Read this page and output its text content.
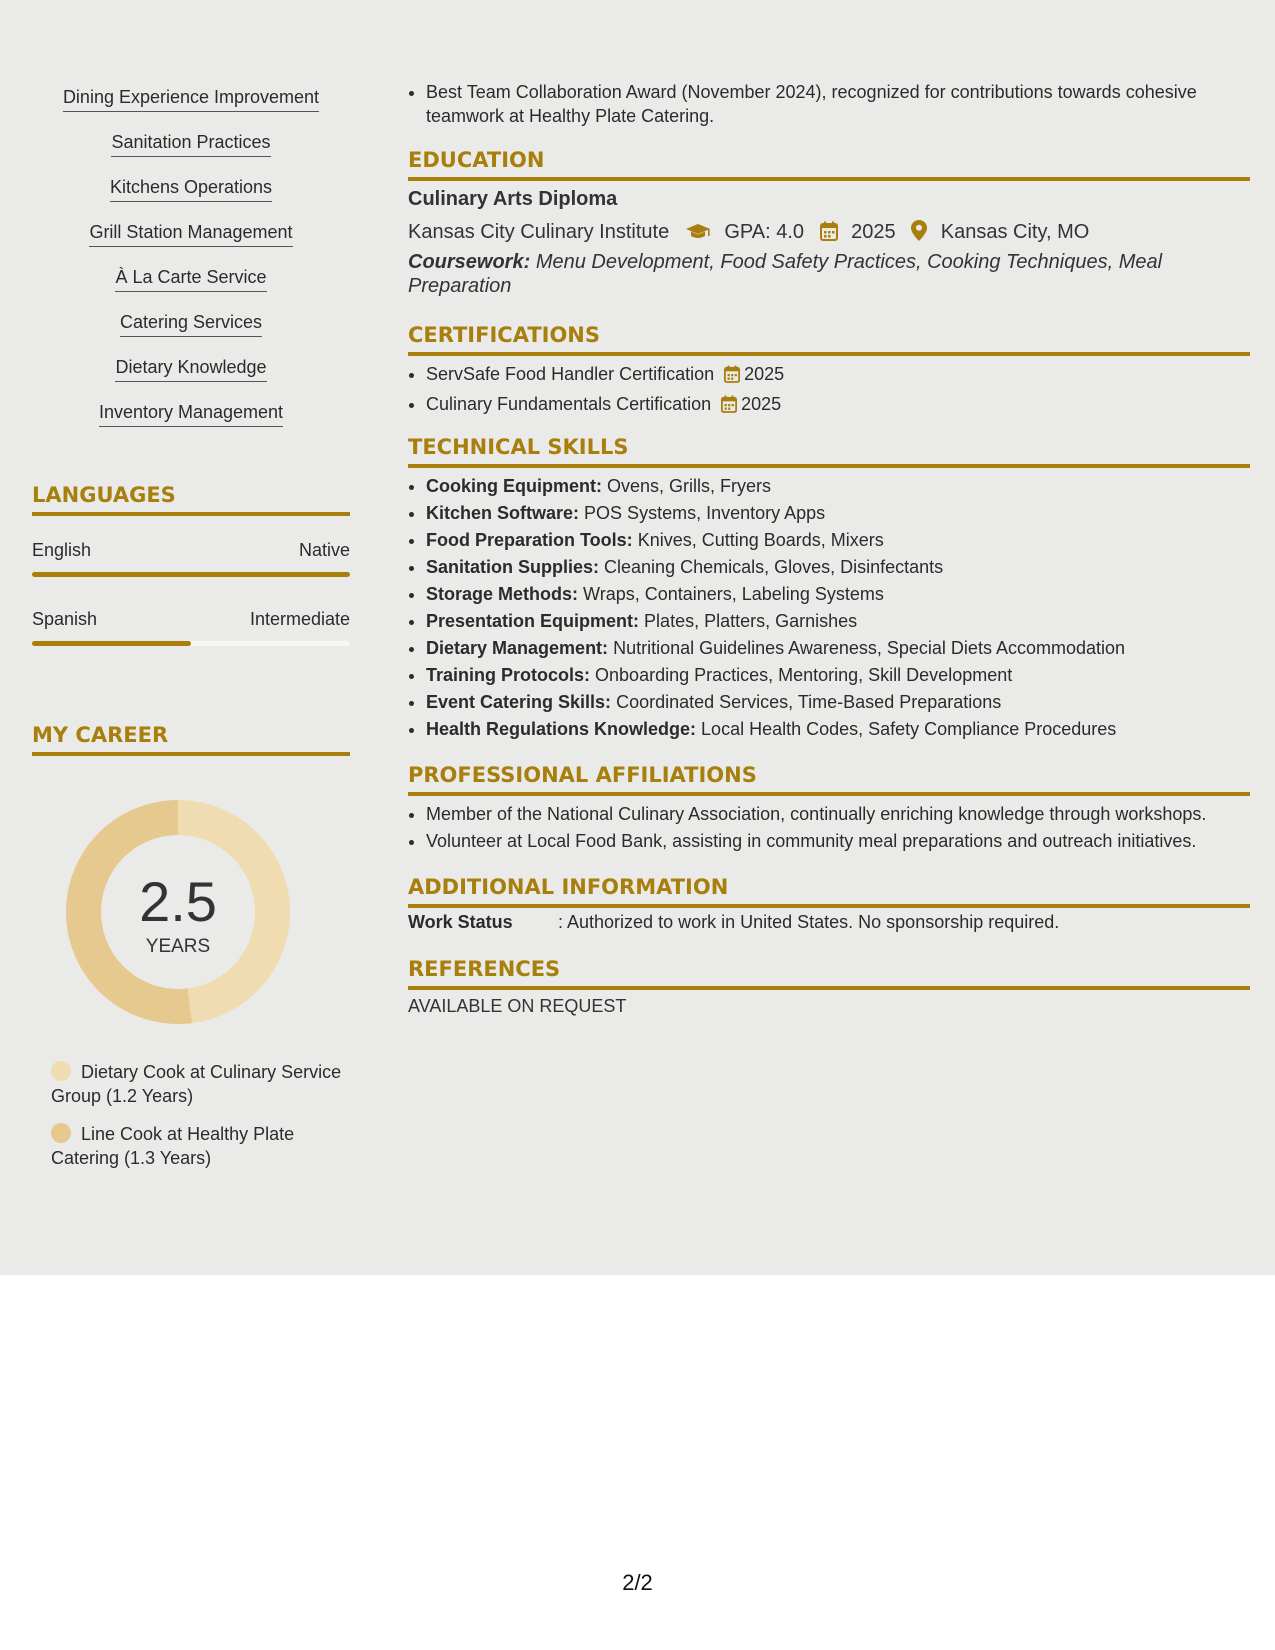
Dining Experience Improvement
Sanitation Practices
Kitchens Operations
Grill Station Management
À La Carte Service
Catering Services
Dietary Knowledge
Inventory Management
LANGUAGES
English	Native
Spanish	Intermediate
MY CAREER
2.5
YEARS
Dietary Cook at Culinary Service Group (1.2 Years)
Line Cook at Healthy Plate Catering (1.3 Years)
• Best Team Collaboration Award (November 2024), recognized for contributions towards cohesive teamwork at Healthy Plate Catering.
EDUCATION
Culinary Arts Diploma
Kansas City Culinary Institute	GPA: 4.0 2025 Kansas City, MO
Coursework: Menu Development, Food Safety Practices, Cooking Techniques, Meal Preparation
CERTIFICATIONS
• ServSafe Food Handler Certification 2025
• Culinary Fundamentals Certification 2025
TECHNICAL SKILLS
• Cooking Equipment: Ovens, Grills, Fryers
• Kitchen Software: POS Systems, Inventory Apps
• Food Preparation Tools: Knives, Cutting Boards, Mixers
• Sanitation Supplies: Cleaning Chemicals, Gloves, Disinfectants
• Storage Methods: Wraps, Containers, Labeling Systems
• Presentation Equipment: Plates, Platters, Garnishes
• Dietary Management: Nutritional Guidelines Awareness, Special Diets Accommodation
• Training Protocols: Onboarding Practices, Mentoring, Skill Development
• Event Catering Skills: Coordinated Services, Time-Based Preparations
• Health Regulations Knowledge: Local Health Codes, Safety Compliance Procedures
PROFESSIONAL AFFILIATIONS
• Member of the National Culinary Association, continually enriching knowledge through workshops.
• Volunteer at Local Food Bank, assisting in community meal preparations and outreach initiatives.
ADDITIONAL INFORMATION
Work Status	: Authorized to work in United States. No sponsorship required.
REFERENCES
AVAILABLE ON REQUEST
2/2
